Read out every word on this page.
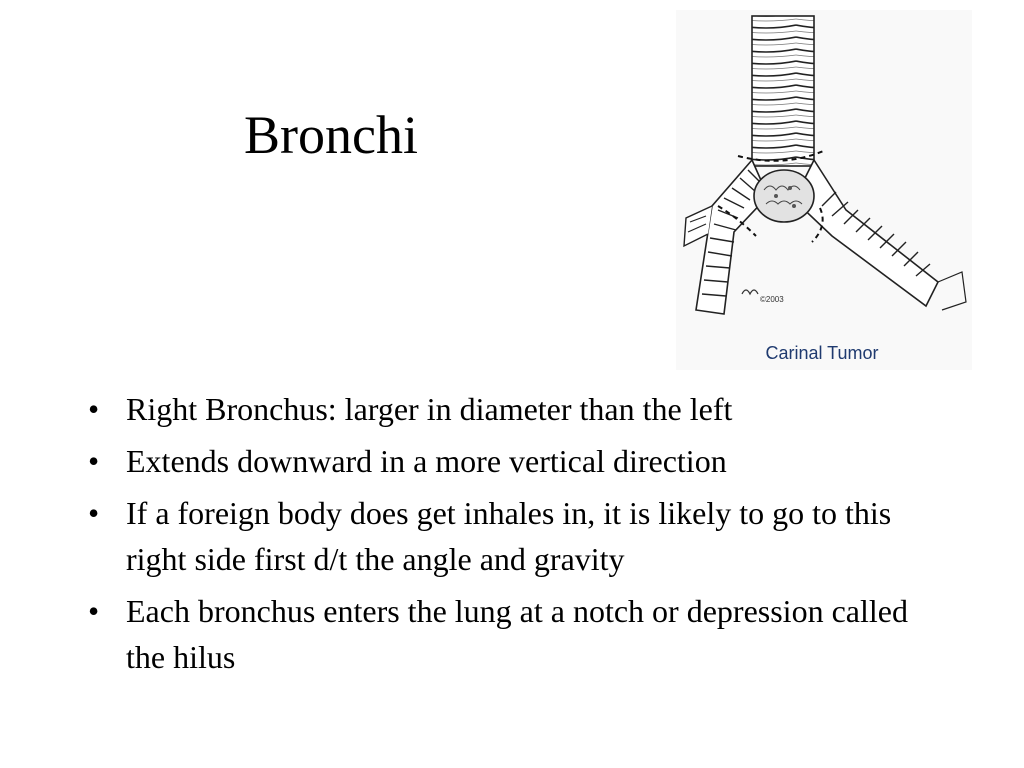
Bronchi
©2003
Carinal Tumor
• Right Bronchus: larger in diameter than the left
• Extends downward in a more vertical direction
• If a foreign body does get inhales in, it is likely to go to this right side first d/t the angle and gravity
• Each bronchus enters the lung at a notch or depression called the hilus
